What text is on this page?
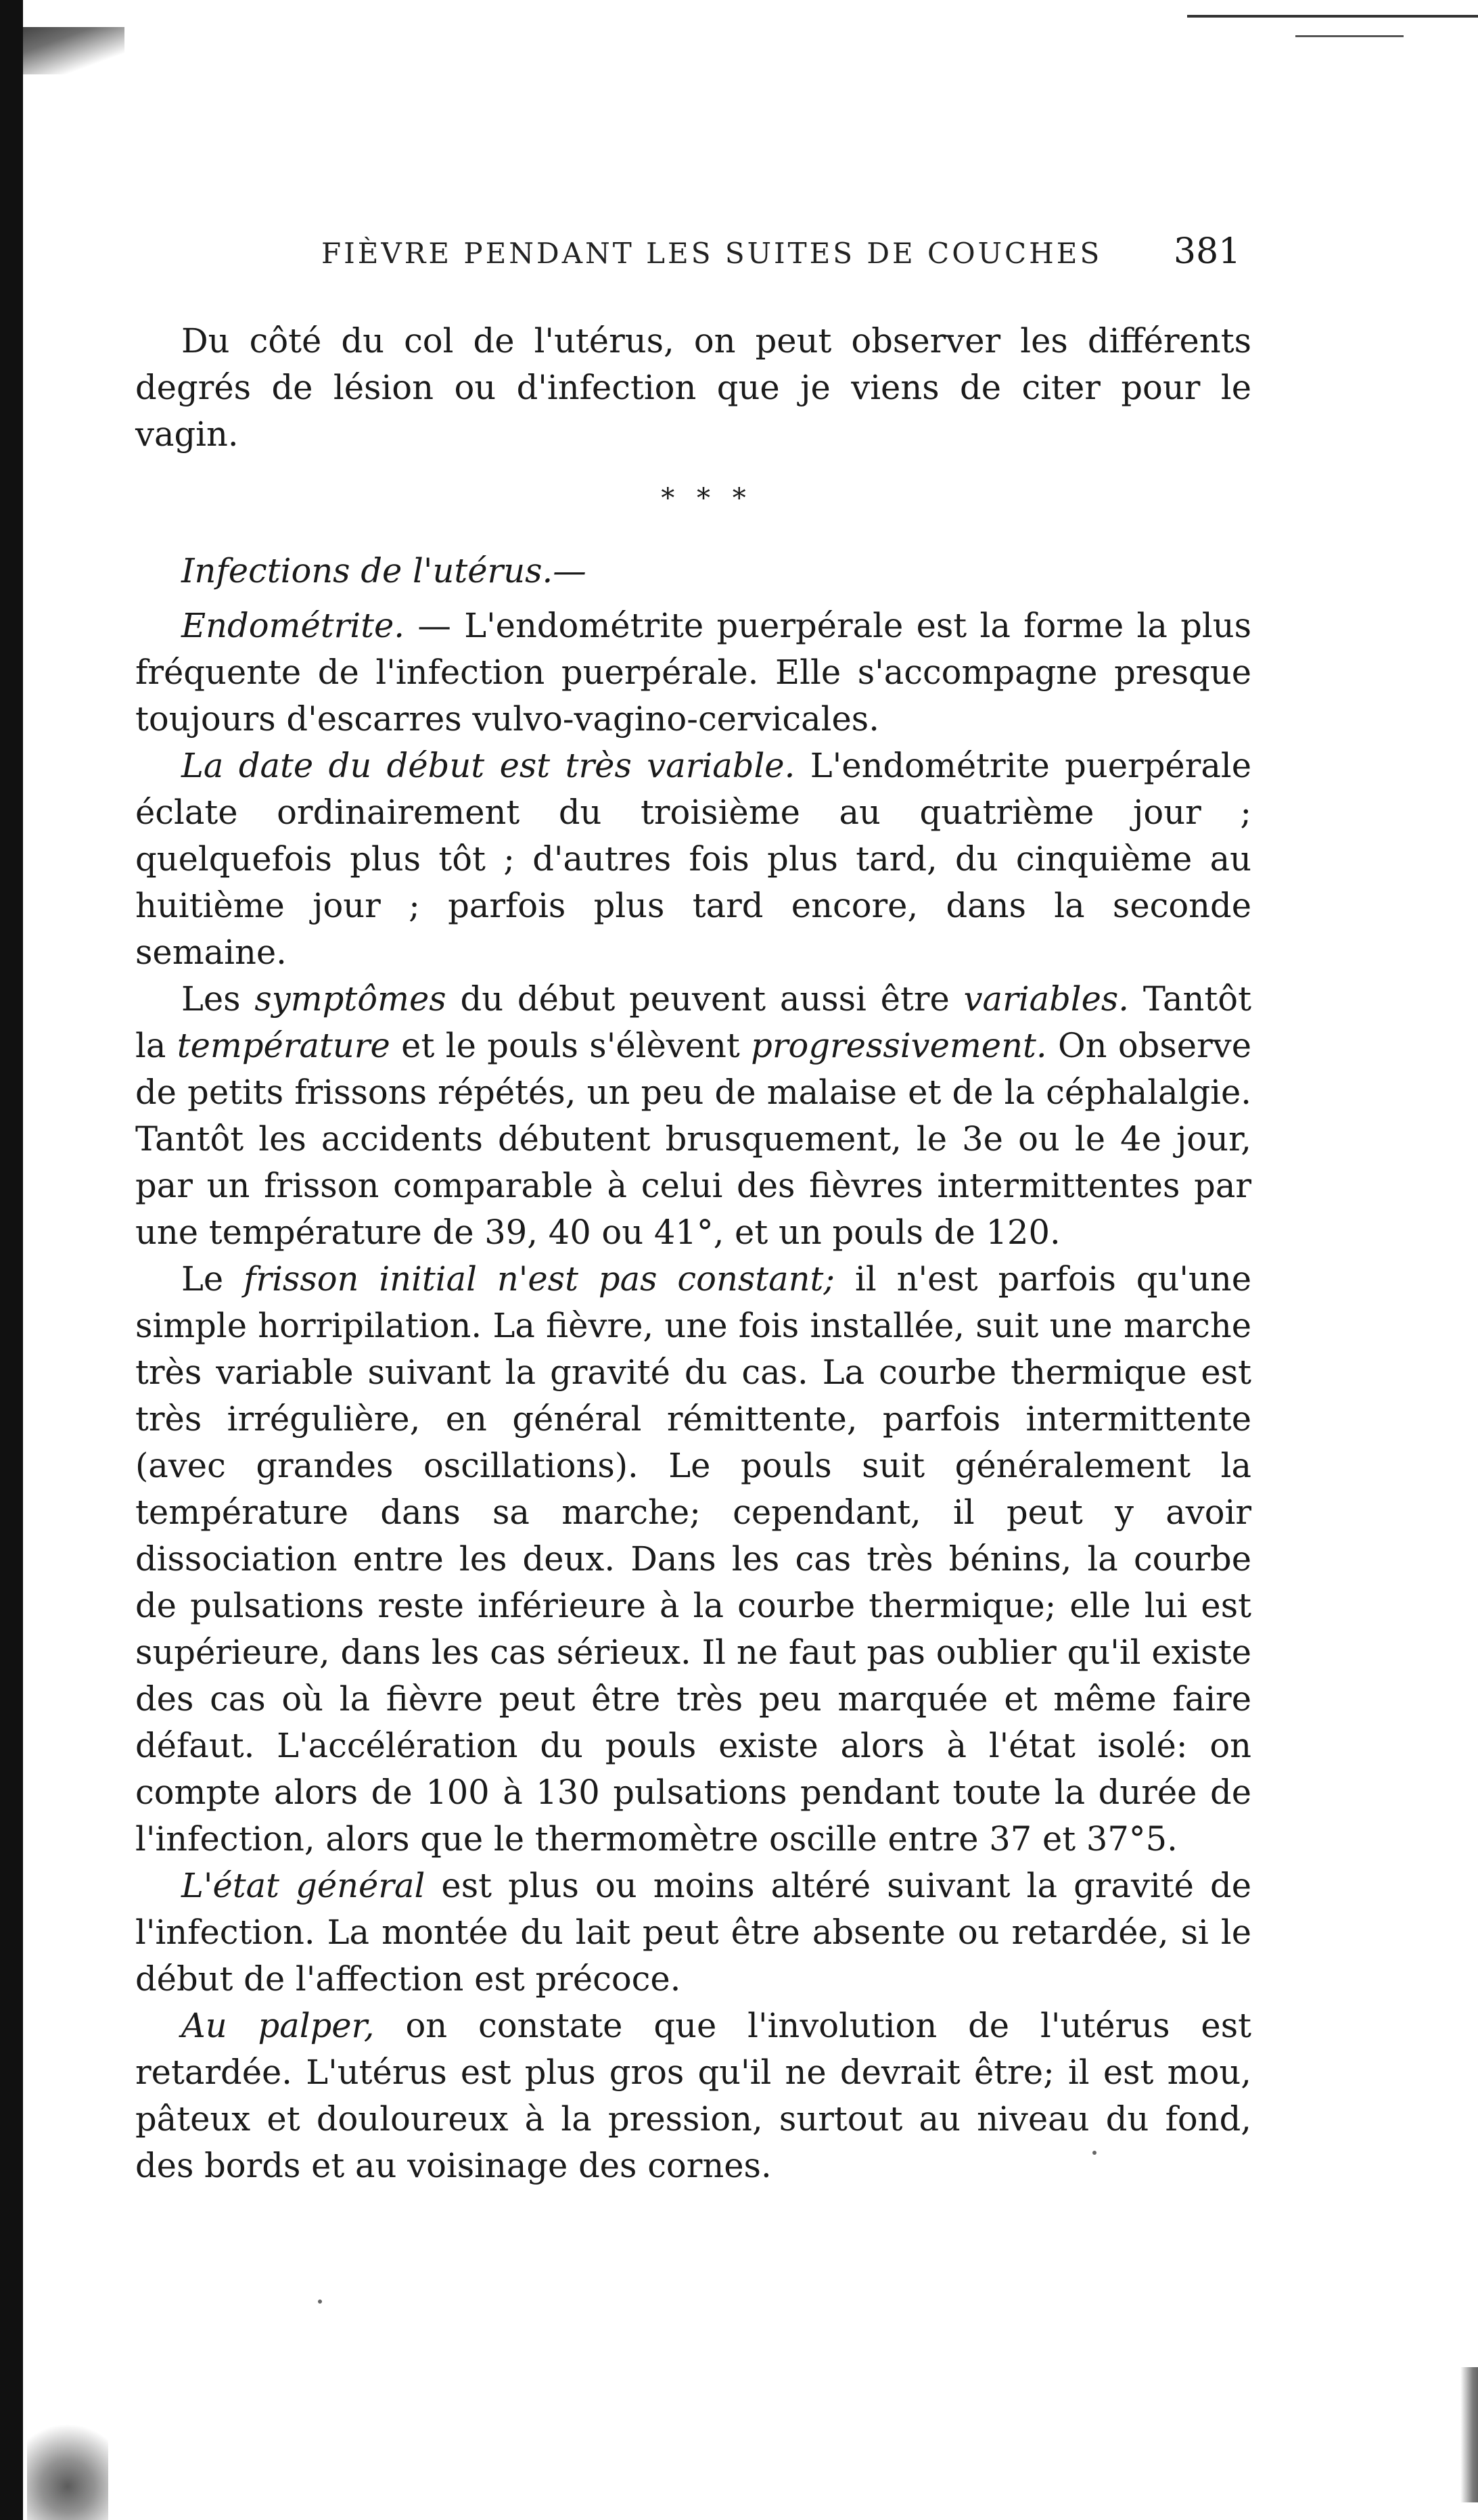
FIÈVRE PENDANT LES SUITES DE COUCHES 381

Du côté du col de l'utérus, on peut observer les différents degrés de lésion ou d'infection que je viens de citer pour le vagin.

* * *
Infections de l'utérus.—

Endométrite. — L'endométrite puerpérale est la forme la plus fréquente de l'infection puerpérale. Elle s'accompagne presque toujours d'escarres vulvo-vagino-cervicales.

La date du début est très variable. L'endométrite puerpérale éclate ordinairement du troisième au quatrième jour ; quelquefois plus tôt ; d'autres fois plus tard, du cinquième au huitième jour ; parfois plus tard encore, dans la seconde semaine.

Les symptômes du début peuvent aussi être variables. Tantôt la température et le pouls s'élèvent progressivement. On observe de petits frissons répétés, un peu de malaise et de la céphalalgie. Tantôt les accidents débutent brusquement, le 3e ou le 4e jour, par un frisson comparable à celui des fièvres intermittentes par une température de 39, 40 ou 41°, et un pouls de 120.

Le frisson initial n'est pas constant; il n'est parfois qu'une simple horripilation. La fièvre, une fois installée, suit une marche très variable suivant la gravité du cas. La courbe thermique est très irrégulière, en général rémittente, parfois intermittente (avec grandes oscillations). Le pouls suit généralement la température dans sa marche; cependant, il peut y avoir dissociation entre les deux. Dans les cas très bénins, la courbe de pulsations reste inférieure à la courbe thermique; elle lui est supérieure, dans les cas sérieux. Il ne faut pas oublier qu'il existe des cas où la fièvre peut être très peu marquée et même faire défaut. L'accélération du pouls existe alors à l'état isolé: on compte alors de 100 à 130 pulsations pendant toute la durée de l'infection, alors que le thermomètre oscille entre 37 et 37°5.

L'état général est plus ou moins altéré suivant la gravité de l'infection. La montée du lait peut être absente ou retardée, si le début de l'affection est précoce.

Au palper, on constate que l'involution de l'utérus est retardée. L'utérus est plus gros qu'il ne devrait être; il est mou, pâteux et douloureux à la pression, surtout au niveau du fond, des bords et au voisinage des cornes.
